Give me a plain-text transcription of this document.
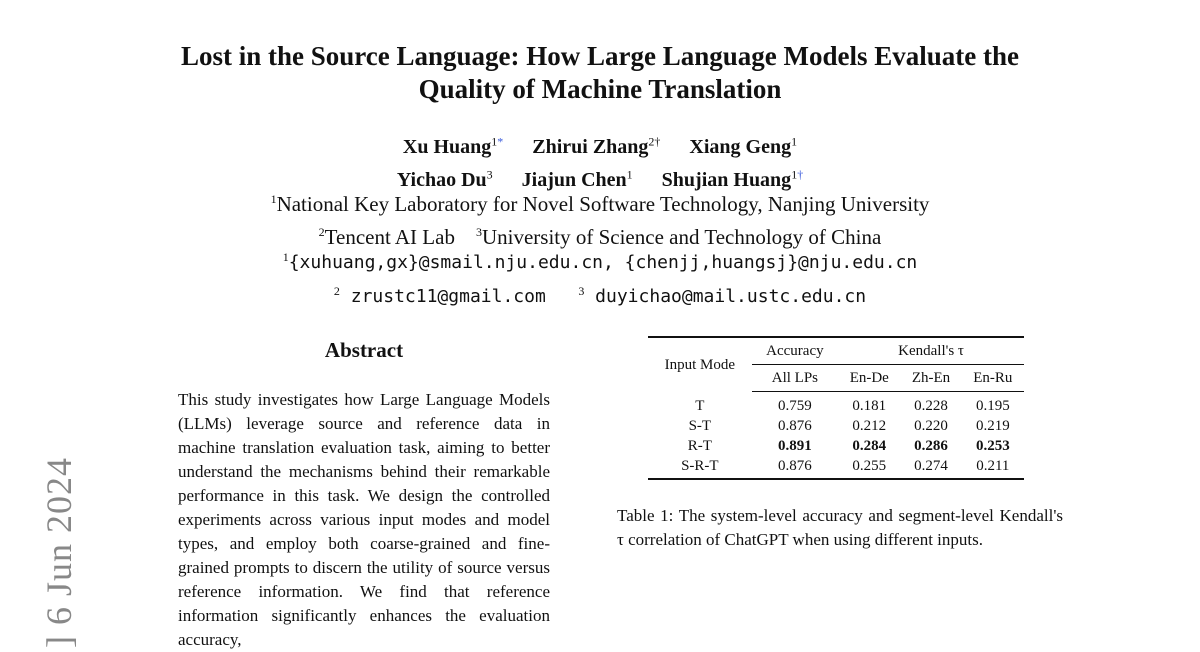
] 6 Jun 2024
Lost in the Source Language: How Large Language Models Evaluate the
Quality of Machine Translation
Xu Huang$^{1*}$ Zhirui Zhang$^{2\dagger}$ Xiang Geng$^1$
Yichao Du$^3$ Jiajun Chen$^1$ Shujian Huang$^{1\dagger}$
$^1$National Key Laboratory for Novel Software Technology, Nanjing University
$^2$Tencent AI Lab $^3$University of Science and Technology of China
$^1${xuhuang,gx}@smail.nju.edu.cn, {chenjj,huangsj}@nju.edu.cn
$^2$ zrustc11@gmail.com	$^3$ duyichao@mail.ustc.edu.cn
Abstract
This study investigates how Large Language Models (LLMs) leverage source and reference data in machine translation evaluation task, aiming to better understand the mechanisms behind their remarkable performance in this task. We design the controlled experiments across various input modes and model types, and employ both coarse-grained and fine-grained prompts to discern the utility of source versus reference information. We find that reference information significantly enhances the evaluation accuracy,
Input Mode	Accuracy	Kendall's τ		
	All LPs	En-De	Zh-En	En-Ru
T	0.759	0.181	0.228	0.195
S-T	0.876	0.212	0.220	0.219
R-T	0.891	0.284	0.286	0.253
S-R-T	0.876	0.255	0.274	0.211
Table 1: The system-level accuracy and segment-level Kendall's τ correlation of ChatGPT when using different inputs.
